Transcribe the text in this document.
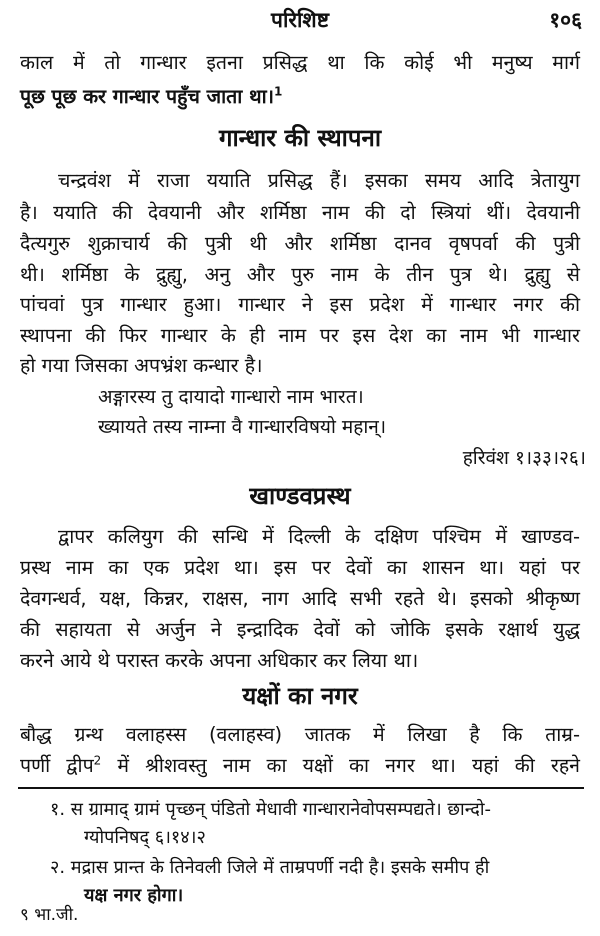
परिशिष्ट	१०६
काल में तो गान्धार इतना प्रसिद्ध था कि कोई भी मनुष्य मार्ग
पूछ पूछ कर गान्धार पहुँच जाता था।$^1$
गान्धार की स्थापना
चन्द्रवंश में राजा ययाति प्रसिद्ध हैं। इसका समय आदि त्रेतायुग
है। ययाति की देवयानी और शर्मिष्ठा नाम की दो स्त्रियां थीं। देवयानी
दैत्यगुरु शुक्राचार्य की पुत्री थी और शर्मिष्ठा दानव वृषपर्वा की पुत्री
थी। शर्मिष्ठा के द्रुह्यु, अनु और पुरु नाम के तीन पुत्र थे। द्रुह्यु से
पांचवां पुत्र गान्धार हुआ। गान्धार ने इस प्रदेश में गान्धार नगर की
स्थापना की फिर गान्धार के ही नाम पर इस देश का नाम भी गान्धार
हो गया जिसका अपभ्रंश कन्धार है।
अङ्गारस्य तु दायादो गान्धारो नाम भारत।
ख्यायते तस्य नाम्ना वै गान्धारविषयो महान्।
हरिवंश १।३३।२६।
खाण्डवप्रस्थ
द्वापर कलियुग की सन्धि में दिल्ली के दक्षिण पश्चिम में खाण्डव-
प्रस्थ नाम का एक प्रदेश था। इस पर देवों का शासन था। यहां पर
देवगन्धर्व, यक्ष, किन्नर, राक्षस, नाग आदि सभी रहते थे। इसको श्रीकृष्ण
की सहायता से अर्जुन ने इन्द्रादिक देवों को जोकि इसके रक्षार्थ युद्ध
करने आये थे परास्त करके अपना अधिकार कर लिया था।
यक्षों का नगर
बौद्ध ग्रन्थ वलाहस्स (वलाहस्व) जातक में लिखा है कि ताम्र-
पर्णी द्वीप$^2$ में श्रीशवस्तु नाम का यक्षों का नगर था। यहां की रहने
१. स ग्रामाद् ग्रामं पृच्छन् पंडितो मेधावी गान्धारानेवोपसम्पद्यते। छान्दो-
ग्योपनिषद् ६।१४।२
२. मद्रास प्रान्त के तिनेवली जिले में ताम्रपर्णी नदी है। इसके समीप ही
यक्ष नगर होगा।
९ भा.जी.
